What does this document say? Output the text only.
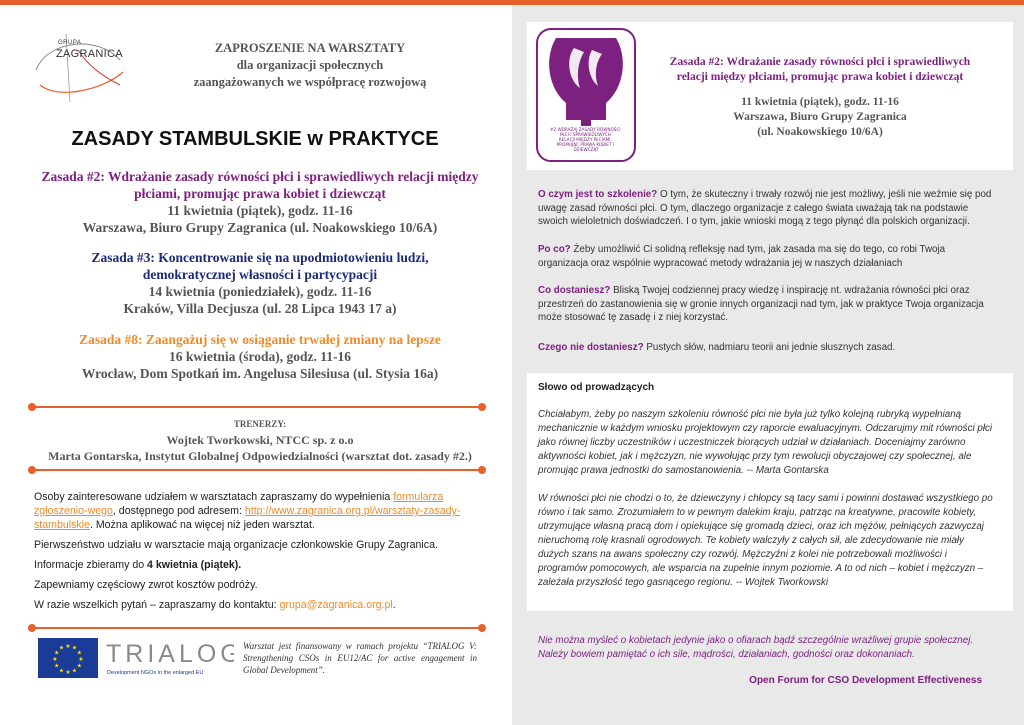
GRUPA
ZAGRANICA	ZAPROSZENIE NA WARSZTATY
dla organizacji społecznych
zaangażowanych we współpracę rozwojową
ZASADY STAMBULSKIE w PRAKTYCE
Zasada #2: Wdrażanie zasady równości płci i sprawiedliwych relacji między
płciami, promując prawa kobiet i dziewcząt
11 kwietnia (piątek), godz. 11-16
Warszawa, Biuro Grupy Zagranica (ul. Noakowskiego 10/6A)
Zasada #3: Koncentrowanie się na upodmiotowieniu ludzi,
demokratycznej własności i partycypacji
14 kwietnia (poniedziałek), godz. 11-16
Kraków, Villa Decjusza (ul. 28 Lipca 1943 17 a)
Zasada #8: Zaangażuj się w osiąganie trwałej zmiany na lepsze
16 kwietnia (środa), godz. 11-16
Wrocław, Dom Spotkań im. Angelusa Silesiusa (ul. Stysia 16a)
TRENERZY:
Wojtek Tworkowski, NTCC sp. z o.o
Marta Gontarska, Instytut Globalnej Odpowiedzialności (warsztat dot. zasady #2.)

Osoby zainteresowane udziałem w warsztatach zapraszamy do wypełnienia formularza zgłoszenio-wego, dostępnego pod adresem: http://www.zagranica.org.pl/warsztaty-zasady-stambulskie. Można aplikować na więcej niż jeden warsztat.

Pierwszeństwo udziału w warsztacie mają organizacje członkowskie Grupy Zagranica.

Informacje zbieramy do 4 kwietnia (piątek).

Zapewniamy częściowy zwrot kosztów podróży.

W razie wszelkich pytań – zapraszamy do kontaktu: grupa@zagranica.org.pl.

★ ★
★
★
★
★
★
★
★
★
★
★ TRIALOG
Development NGOs in the enlarged EU
Warsztat jest finansowany w ramach projektu “TRIALOG V: Strengthening CSOs in EU12/AC for active engagement in Global Development”.
#2 WDRAŻAJ ZASADY RÓWNOŚCI PŁCI I SPRAWIEDLIWYCH RELACJI MIĘDZY PŁCIAMI, PROMUJĄC PRAWA KOBIET I DZIEWCZĄT
Zasada #2: Wdrażanie zasady równości płci i sprawiedliwych
relacji między płciami, promując prawa kobiet i dziewcząt
11 kwietnia (piątek), godz. 11-16
Warszawa, Biuro Grupy Zagranica
(ul. Noakowskiego 10/6A)
O czym jest to szkolenie? O tym, że skuteczny i trwały rozwój nie jest możliwy, jeśli nie weźmie się pod uwagę zasad równości płci. O tym, dlaczego organizacje z całego świata uważają tak na podstawie swoich wieloletnich doświadczeń. I o tym, jakie wnioski mogą z tego płynąć dla polskich organizacji.
Po co? Żeby umożliwić Ci solidną refleksję nad tym, jak zasada ma się do tego, co robi Twoja organizacja oraz wspólnie wypracować metody wdrażania jej w naszych działaniach
Co dostaniesz? Bliską Twojej codziennej pracy wiedzę i inspirację nt. wdrażania równości płci oraz przestrzeń do zastanowienia się w gronie innych organizacji nad tym, jak w praktyce Twoja organizacja może stosować tę zasadę i z niej korzystać.
Czego nie dostaniesz? Pustych słów, nadmiaru teorii ani jednie słusznych zasad.
Słowo od prowadzących
Chciałabym, żeby po naszym szkoleniu równość płci nie była już tylko kolejną rubryką wypełnianą mechanicznie w każdym wniosku projektowym czy raporcie ewaluacyjnym. Odczarujmy mit równości płci jako równej liczby uczestników i uczestniczek biorących udział w działaniach. Doceniajmy zarówno aktywności kobiet, jak i mężczyzn, nie wywołując przy tym rewolucji obyczajowej czy społecznej, ale promując prawa jednostki do samostanowienia. -- Marta Gontarska
W równości płci nie chodzi o to, że dziewczyny i chłopcy są tacy sami i powinni dostawać wszystkiego po równo i tak samo. Zrozumiałem to w pewnym dalekim kraju, patrząc na kreatywne, pracowite kobiety, utrzymujące własną pracą dom i opiekujące się gromadą dzieci, oraz ich mężów, pełniących zazwyczaj nieruchomą rolę krasnali ogrodowych. Te kobiety walczyły z całych sił, ale zdecydowanie nie miały dużych szans na awans społeczny czy rozwój. Mężczyźni z kolei nie potrzebowali możliwości i programów pomocowych, ale wsparcia na zupełnie innym poziomie. A to od nich – kobiet i mężczyzn – zależała przyszłość tego gasnącego regionu. -- Wojtek Tworkowski
Nie można myśleć o kobietach jedynie jako o ofiarach bądź szczególnie wrażliwej grupie społecznej. Należy bowiem pamiętać o ich sile, mądrości, działaniach, godności oraz dokonaniach.
Open Forum for CSO Development Effectiveness
